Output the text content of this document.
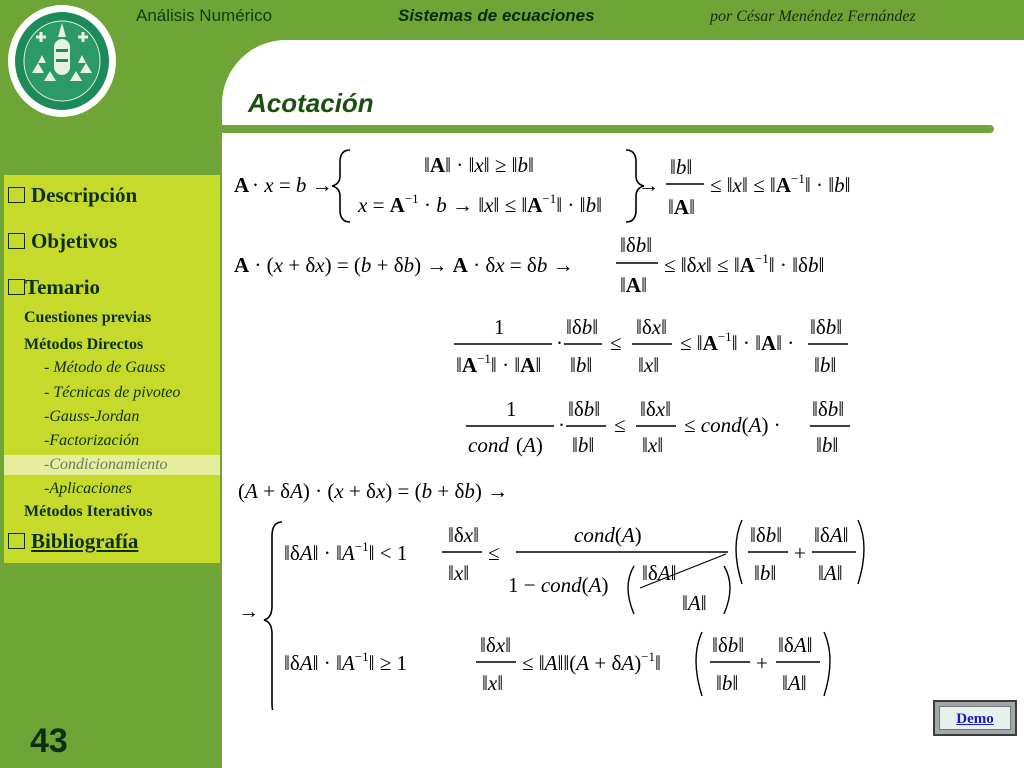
Análisis Numérico	Sistemas de ecuaciones	por César Menéndez Fernández
Acotación
Descripción
Objetivos
Temario
Cuestiones previas
Métodos Directos
- Método de Gauss
- Técnicas de pivoteo
-Gauss-Jordan
-Factorización
-Condicionamiento
-Aplicaciones
Métodos Iterativos
Bibliografía
43
Demo
A · x = b →
‖A‖ · ‖x‖ ≥ ‖b‖
$x = A^{-1} \cdot b$ → ‖x‖ ≤ $‖A^{-1}‖$ · ‖b‖
→
‖b‖
‖A‖
≤ ‖x‖ ≤ $‖A^{-1}‖$ · ‖b‖
A · (x + δx) = (b + δb) → A · δx = δb →
‖δb‖
‖A‖
≤ ‖δx‖ ≤ $‖A^{-1}‖$ · ‖δb‖
1
$‖A^{-1}‖$ · ‖A‖
·
‖δb‖
‖b‖
≤
‖δx‖
‖x‖
≤ $‖A^{-1}‖$ · ‖A‖ ·
‖δb‖
‖b‖
1
cond (A)
·
‖δb‖
‖b‖
≤
‖δx‖
‖x‖
≤ cond(A) ·
‖δb‖
‖b‖
(A + δA) · (x + δx) = (b + δb) →
→
‖δA‖ · $‖A^{-1}‖ < 1$
‖δx‖
‖x‖
≤
cond(A)
1 − cond(A) ‖δA‖
‖A‖
‖δb‖
‖b‖
+
‖δA‖
‖A‖
‖δA‖ · $‖A^{-1}‖ \ge 1$
‖δx‖
‖x‖
≤ ‖A‖‖(A + δA)$^{-1}$‖
‖δb‖
‖b‖
+
‖δA‖
‖A‖
